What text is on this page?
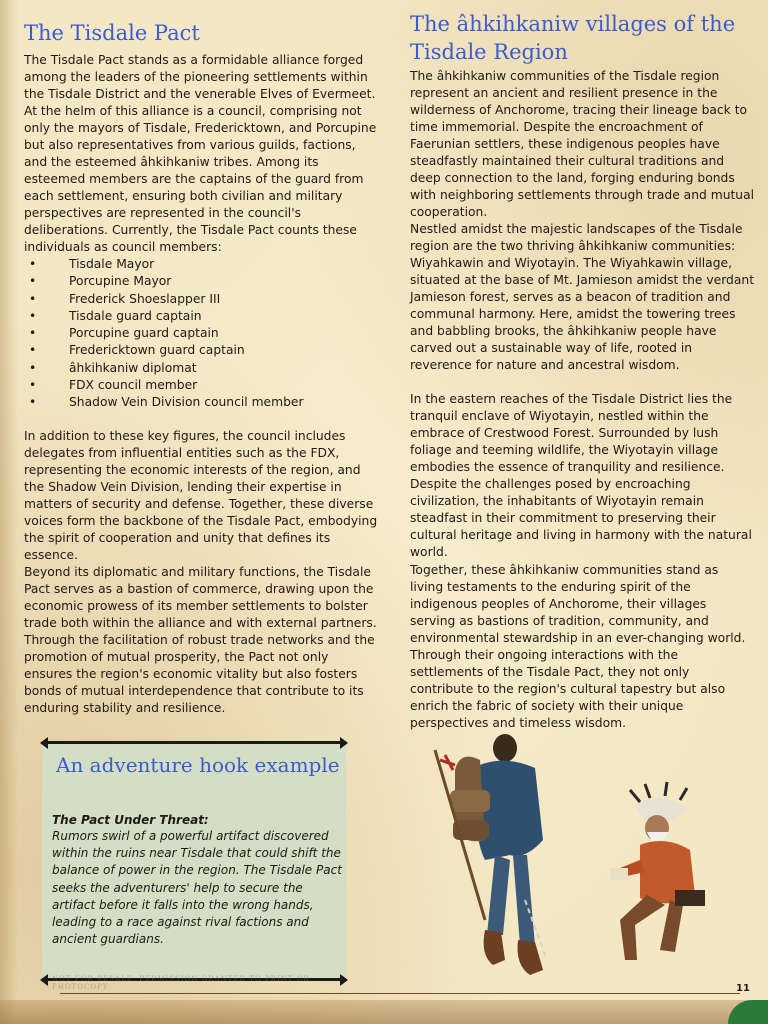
The Tisdale Pact

The Tisdale Pact stands as a formidable alliance forged among the leaders of the pioneering settlements within the Tisdale District and the venerable Elves of Evermeet. At the helm of this alliance is a council, comprising not only the mayors of Tisdale, Fredericktown, and Porcupine but also representatives from various guilds, factions, and the esteemed âhkihkaniw tribes. Among its esteemed members are the captains of the guard from each settlement, ensuring both civilian and military perspectives are represented in the council's deliberations. Currently, the Tisdale Pact counts these individuals as council members:

•	Tisdale Mayor
•	Porcupine Mayor
•	Frederick Shoeslapper III
•	Tisdale guard captain
•	Porcupine guard captain
•	Fredericktown guard captain
•	âhkihkaniw diplomat
•	FDX council member
•	Shadow Vein Division council member

In addition to these key figures, the council includes delegates from influential entities such as the FDX, representing the economic interests of the region, and the Shadow Vein Division, lending their expertise in matters of security and defense. Together, these diverse voices form the backbone of the Tisdale Pact, embodying the spirit of cooperation and unity that defines its essence.

Beyond its diplomatic and military functions, the Tisdale Pact serves as a bastion of commerce, drawing upon the economic prowess of its member settlements to bolster trade both within the alliance and with external partners. Through the facilitation of robust trade networks and the promotion of mutual prosperity, the Pact not only ensures the region's economic vitality but also fosters bonds of mutual interdependence that contribute to its enduring stability and resilience.

The âhkihkaniw villages of the Tisdale Region

The âhkihkaniw communities of the Tisdale region represent an ancient and resilient presence in the wilderness of Anchorome, tracing their lineage back to time immemorial. Despite the encroachment of Faerunian settlers, these indigenous peoples have steadfastly maintained their cultural traditions and deep connection to the land, forging enduring bonds with neighboring settlements through trade and mutual cooperation.

Nestled amidst the majestic landscapes of the Tisdale region are the two thriving âhkihkaniw communities: Wiyahkawin and Wiyotayin. The Wiyahkawin village, situated at the base of Mt. Jamieson amidst the verdant Jamieson forest, serves as a beacon of tradition and communal harmony. Here, amidst the towering trees and babbling brooks, the âhkihkaniw people have carved out a sustainable way of life, rooted in reverence for nature and ancestral wisdom.

In the eastern reaches of the Tisdale District lies the tranquil enclave of Wiyotayin, nestled within the embrace of Crestwood Forest. Surrounded by lush foliage and teeming wildlife, the Wiyotayin village embodies the essence of tranquility and resilience. Despite the challenges posed by encroaching civilization, the inhabitants of Wiyotayin remain steadfast in their commitment to preserving their cultural heritage and living in harmony with the natural world.

Together, these âhkihkaniw communities stand as living testaments to the enduring spirit of the indigenous peoples of Anchorome, their villages serving as bastions of tradition, community, and environmental stewardship in an ever-changing world. Through their ongoing interactions with the settlements of the Tisdale Pact, they not only contribute to the region's cultural tapestry but also enrich the fabric of society with their unique perspectives and timeless wisdom.

An adventure hook example
The Pact Under Threat:
Rumors swirl of a powerful artifact discovered within the ruins near Tisdale that could shift the balance of power in the region. The Tisdale Pact seeks the adventurers' help to secure the artifact before it falls into the wrong hands, leading to a race against rival factions and ancient guardians.
NOT FOR RESALE. PERMISSION GRANTED TO PRINT OR PHOTOCOPY	11
